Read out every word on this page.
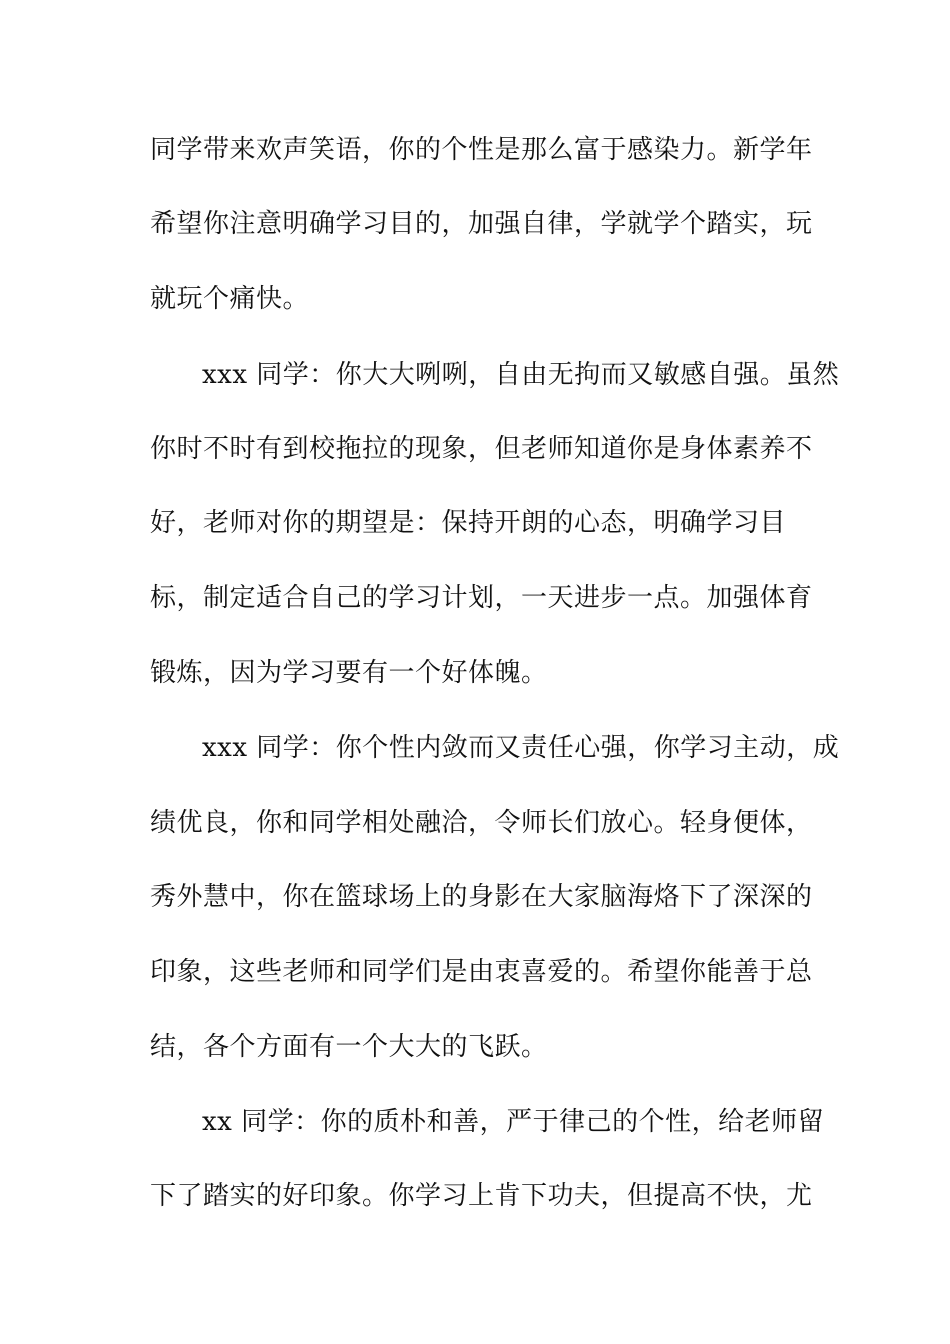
同学带来欢声笑语，你的个性是那么富于感染力。新学年
希望你注意明确学习目的，加强自律，学就学个踏实，玩
就玩个痛快。
xxx 同学：你大大咧咧，自由无拘而又敏感自强。虽然
你时不时有到校拖拉的现象，但老师知道你是身体素养不
好，老师对你的期望是：保持开朗的心态，明确学习目
标，制定适合自己的学习计划，一天进步一点。加强体育
锻炼，因为学习要有一个好体魄。
xxx 同学：你个性内敛而又责任心强，你学习主动，成
绩优良，你和同学相处融洽，令师长们放心。轻身便体，
秀外慧中，你在篮球场上的身影在大家脑海烙下了深深的
印象，这些老师和同学们是由衷喜爱的。希望你能善于总
结，各个方面有一个大大的飞跃。
xx 同学：你的质朴和善，严于律己的个性，给老师留
下了踏实的好印象。你学习上肯下功夫，但提高不快，尤
